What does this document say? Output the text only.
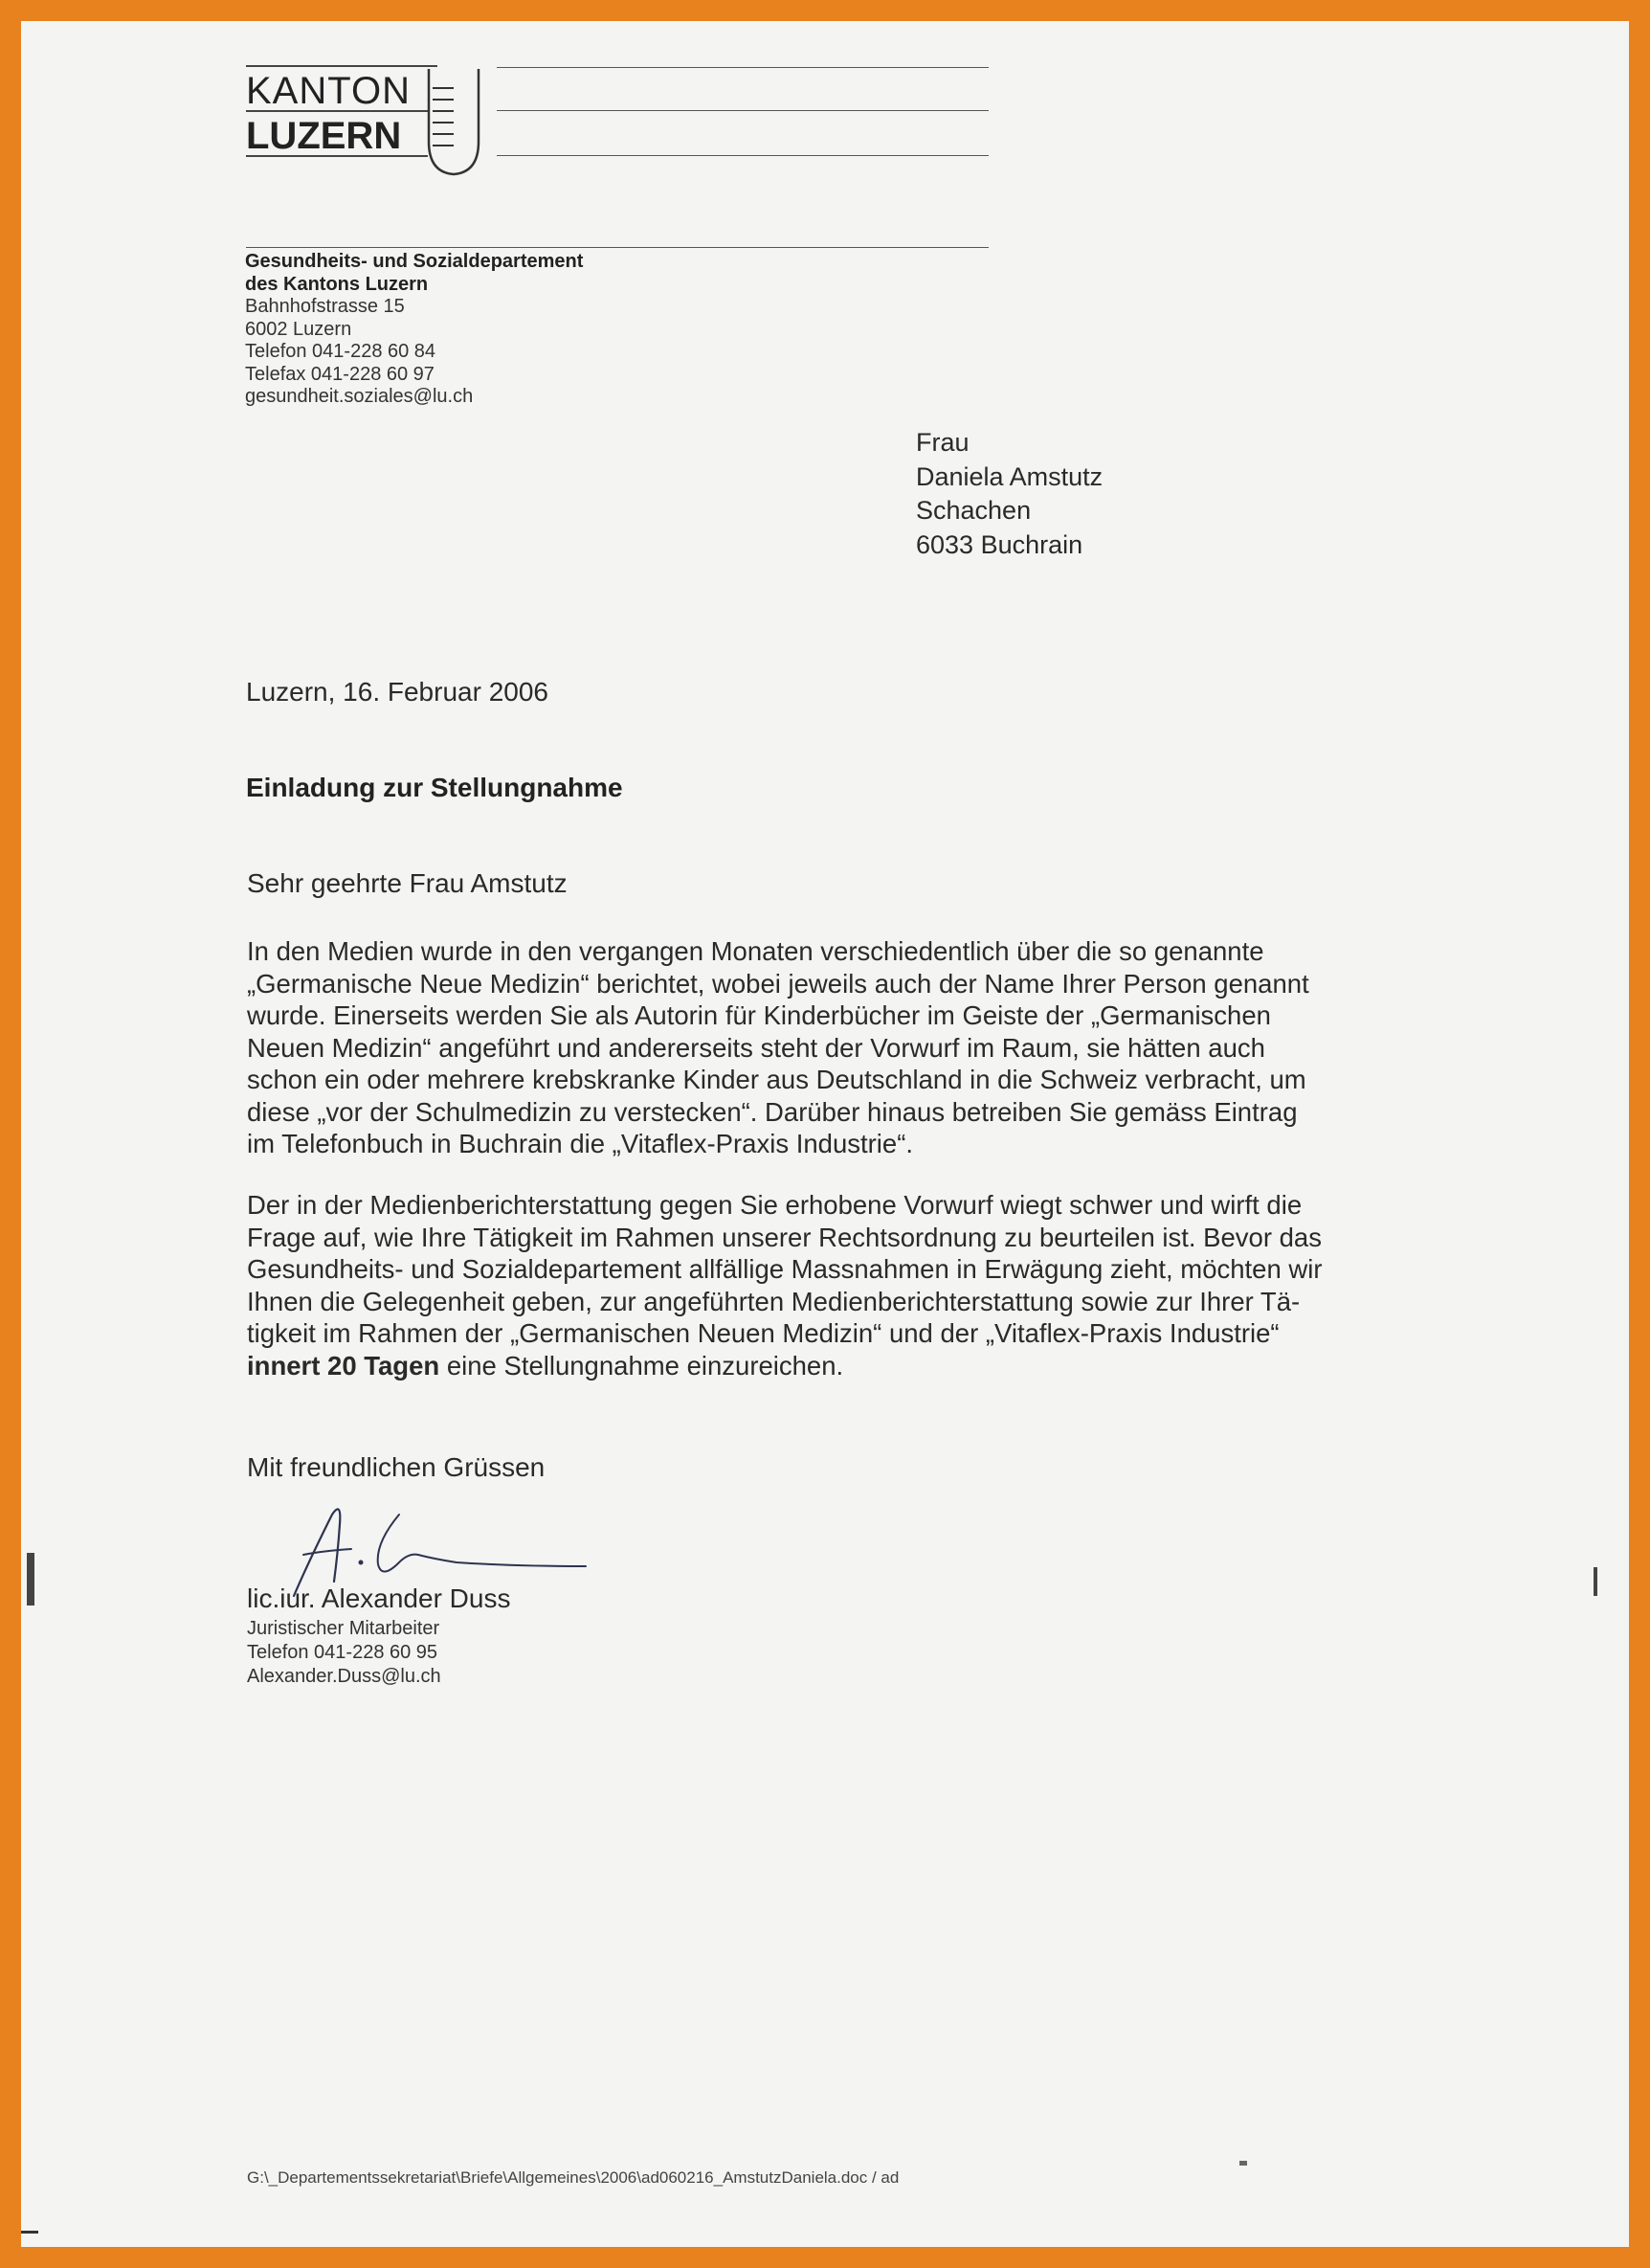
KANTON
LUZERN
Gesundheits- und Sozialdepartement
des Kantons Luzern
Bahnhofstrasse 15
6002 Luzern
Telefon 041-228 60 84
Telefax 041-228 60 97
gesundheit.soziales@lu.ch
Frau
Daniela Amstutz
Schachen
6033 Buchrain
Luzern, 16. Februar 2006
Einladung zur Stellungnahme
Sehr geehrte Frau Amstutz
In den Medien wurde in den vergangen Monaten verschiedentlich über die so genannte
„Germanische Neue Medizin“ berichtet, wobei jeweils auch der Name Ihrer Person genannt
wurde. Einerseits werden Sie als Autorin für Kinderbücher im Geiste der „Germanischen
Neuen Medizin“ angeführt und andererseits steht der Vorwurf im Raum, sie hätten auch
schon ein oder mehrere krebskranke Kinder aus Deutschland in die Schweiz verbracht, um
diese „vor der Schulmedizin zu verstecken“. Darüber hinaus betreiben Sie gemäss Eintrag
im Telefonbuch in Buchrain die „Vitaflex-Praxis Industrie“.
Der in der Medienberichterstattung gegen Sie erhobene Vorwurf wiegt schwer und wirft die
Frage auf, wie Ihre Tätigkeit im Rahmen unserer Rechtsordnung zu beurteilen ist. Bevor das
Gesundheits- und Sozialdepartement allfällige Massnahmen in Erwägung zieht, möchten wir
Ihnen die Gelegenheit geben, zur angeführten Medienberichterstattung sowie zur Ihrer Tä-
tigkeit im Rahmen der „Germanischen Neuen Medizin“ und der „Vitaflex-Praxis Industrie“
innert 20 Tagen eine Stellungnahme einzureichen.
Mit freundlichen Grüssen
lic.iur. Alexander Duss
Juristischer Mitarbeiter
Telefon 041-228 60 95
Alexander.Duss@lu.ch
G:\_Departementssekretariat\Briefe\Allgemeines\2006\ad060216_AmstutzDaniela.doc / ad
